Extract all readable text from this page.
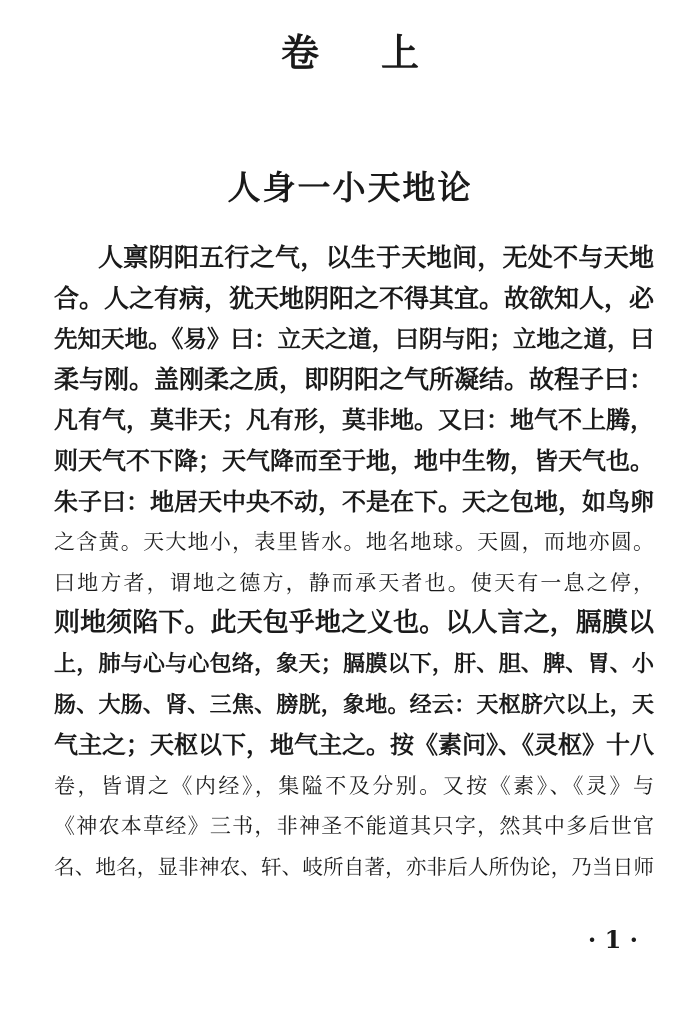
卷上
人身一小天地论
人禀阴阳五行之气，以生于天地间，无处不与天地
合。人之有病，犹天地阴阳之不得其宜。故欲知人，必
先知天地。《易》曰：立天之道，曰阴与阳；立地之道，曰
柔与刚。盖刚柔之质，即阴阳之气所凝结。故程子曰：
凡有气，莫非天；凡有形，莫非地。又曰：地气不上腾，
则天气不下降；天气降而至于地，地中生物，皆天气也。
朱子曰：地居天中央不动，不是在下。天之包地，如鸟卵
之含黄。天大地小，表里皆水。地名地球。天圆，而地亦圆。
曰地方者，谓地之德方，静而承天者也。使天有一息之停，
则地须陷下。此天包乎地之义也。以人言之，膈膜以
上，肺与心与心包络，象天；膈膜以下，肝、胆、脾、胃、小
肠、大肠、肾、三焦、膀胱，象地。经云：天枢脐穴以上，天
气主之；天枢以下，地气主之。按《素问》、《灵枢》十八
卷，皆谓之《内经》，集隘不及分别。又按《素》、《灵》与
《神农本草经》三书，非神圣不能道其只字，然其中多后世官
名、地名，显非神农、轩、岐所自著，亦非后人所伪论，乃当日师
· 1 ·
